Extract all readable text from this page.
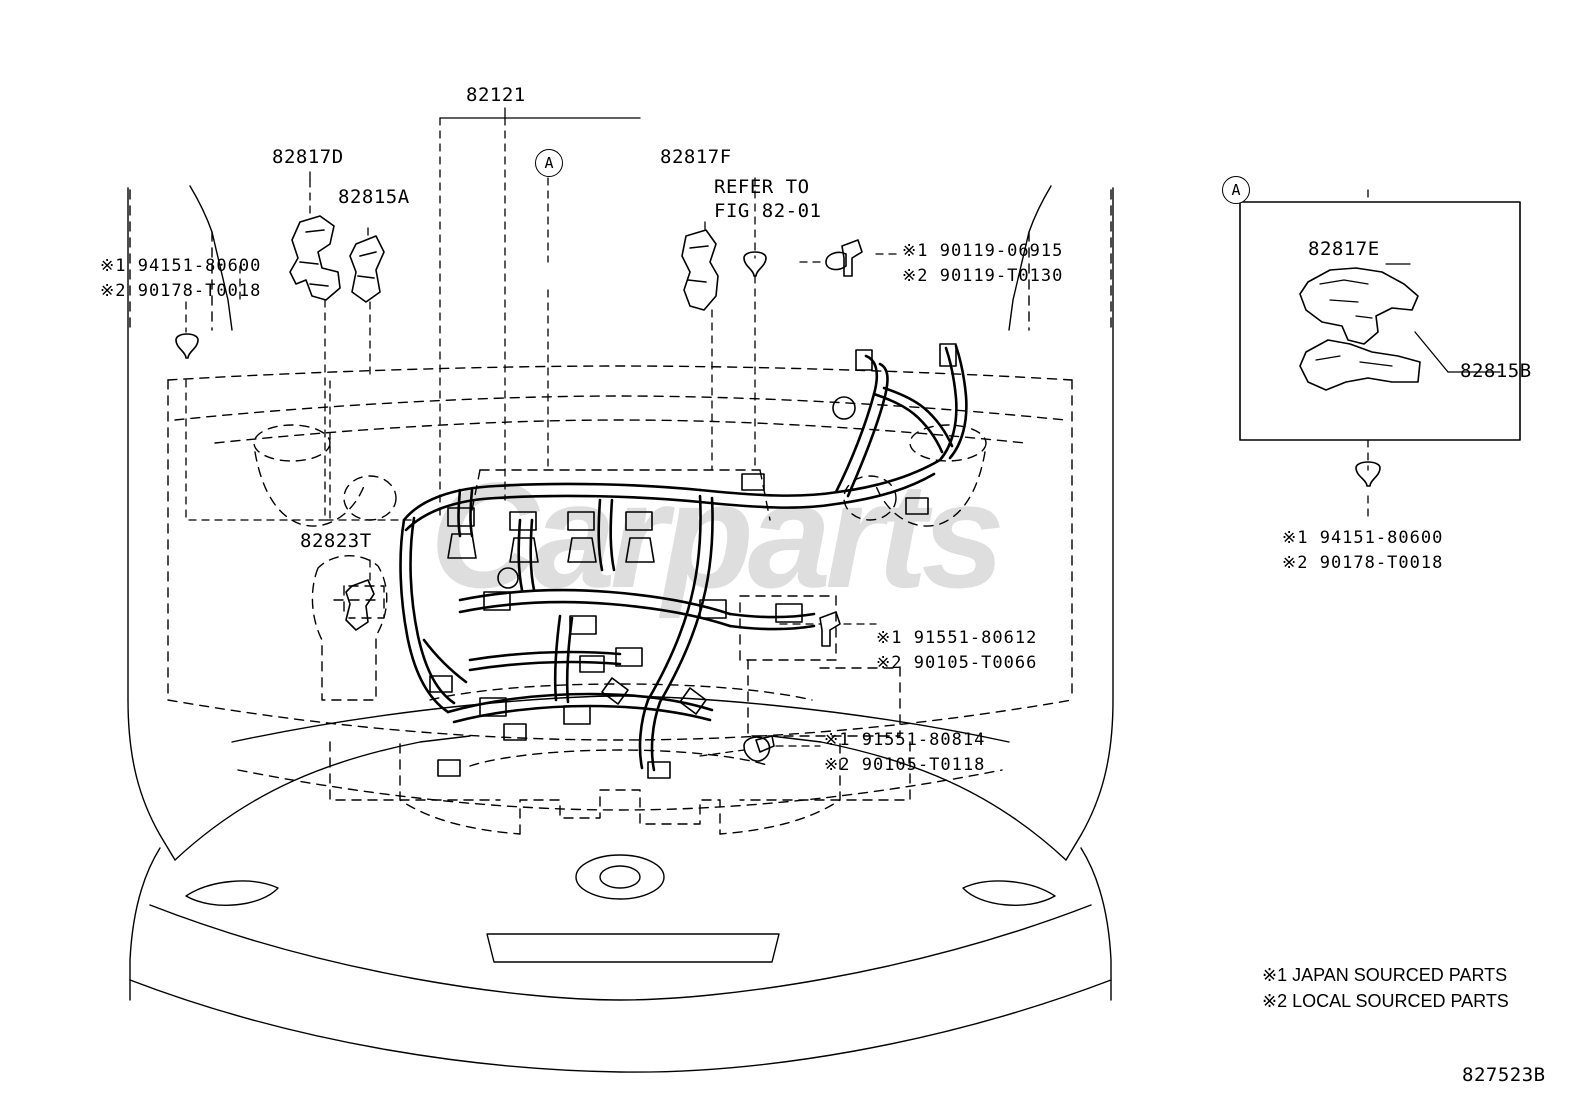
Carparts
82121
A
82817D
82815A
82817F
REFER TO
FIG 82-01
※1 94151-80600
※2 90178-T0018
※1 90119-06915
※2 90119-T0130
82823T
※1 91551-80612
※2 90105-T0066
※1 91551-80814
※2 90105-T0118
A
82817E
82815B
※1 94151-80600
※2 90178-T0018
※1 JAPAN SOURCED PARTS
※2 LOCAL SOURCED PARTS
827523B
